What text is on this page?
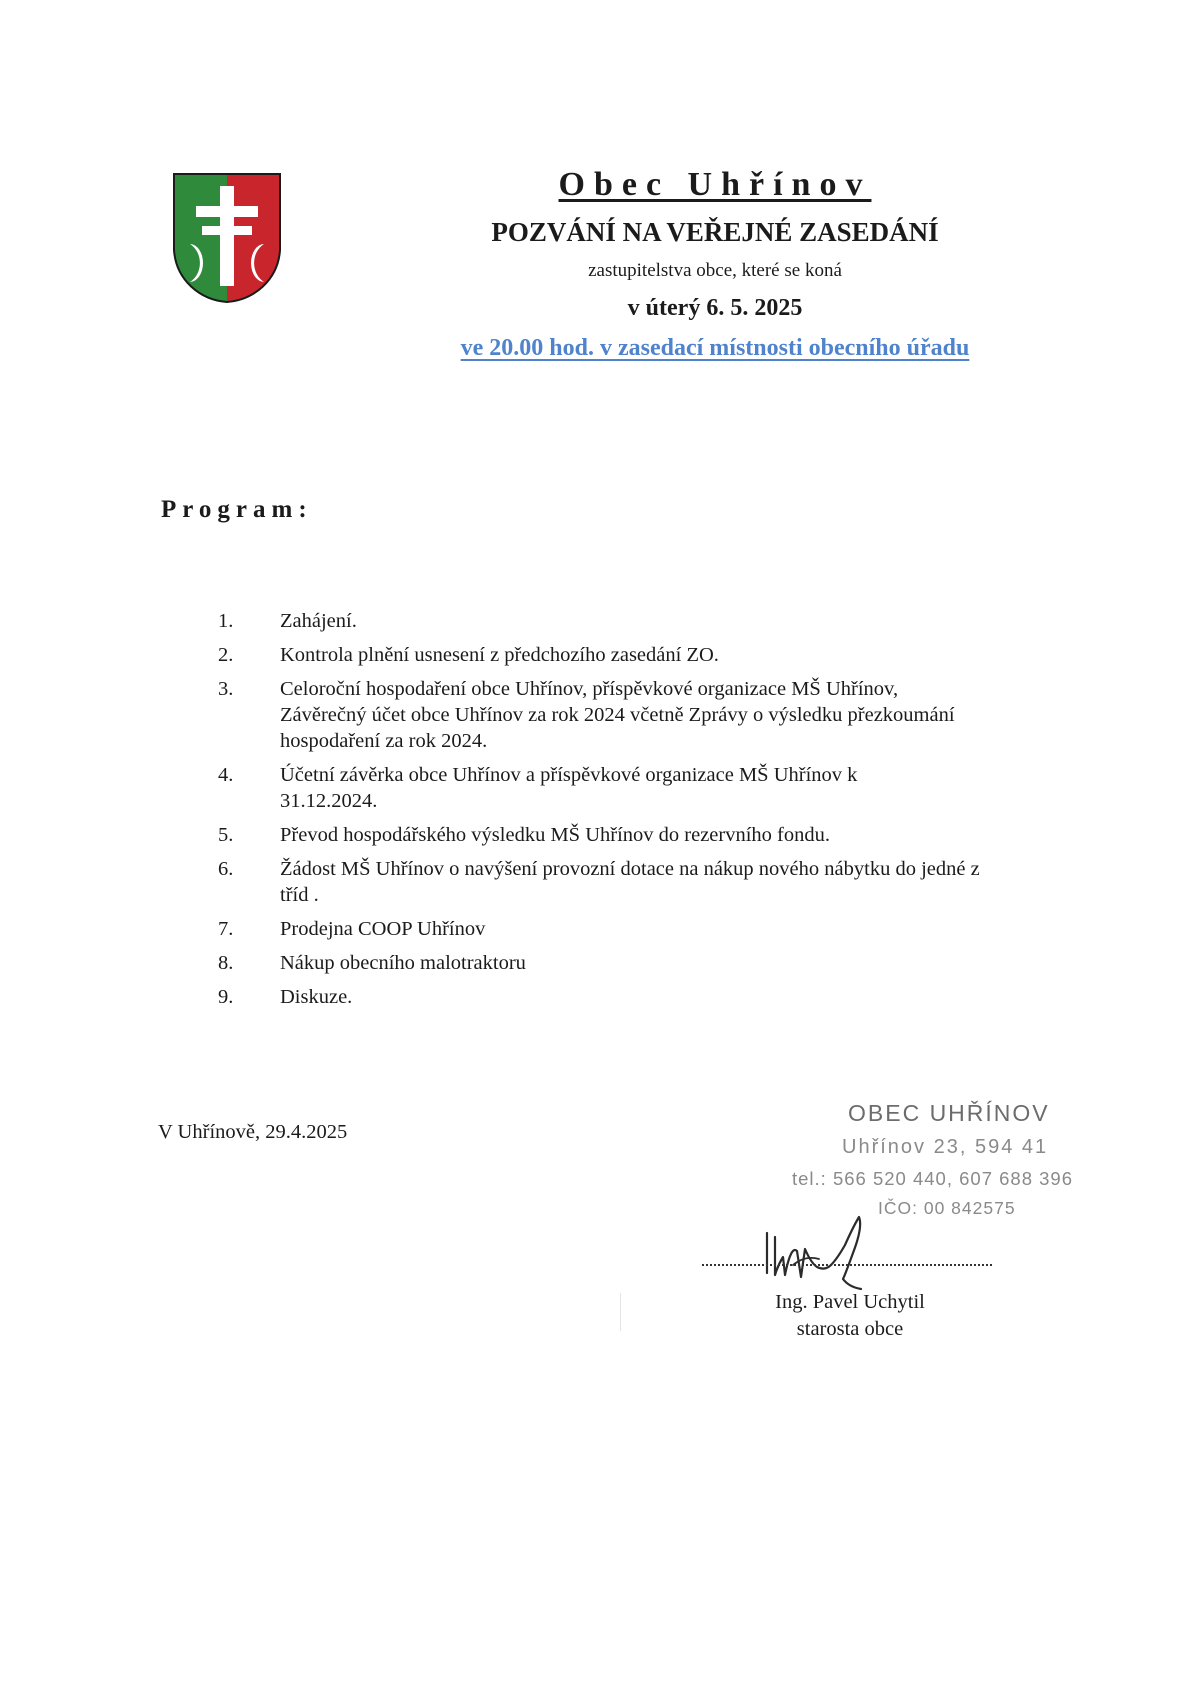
Obec Uhřínov
POZVÁNÍ NA VEŘEJNÉ ZASEDÁNÍ
zastupitelstva obce, které se koná
v úterý 6. 5. 2025
ve 20.00 hod. v zasedací místnosti obecního úřadu
Program:
1.	Zahájení.
2.	Kontrola plnění usnesení z předchozího zasedání ZO.
3.	Celoroční hospodaření obce Uhřínov, příspěvkové organizace MŠ Uhřínov, Závěrečný účet obce Uhřínov za rok 2024 včetně Zprávy o výsledku přezkoumání hospodaření za rok 2024.
4.	Účetní závěrka obce Uhřínov a příspěvkové organizace MŠ Uhřínov k 31.12.2024.
5.	Převod hospodářského výsledku MŠ Uhřínov do rezervního fondu.
6.	Žádost MŠ Uhřínov o navýšení provozní dotace na nákup nového nábytku do jedné z tříd .
7.	Prodejna COOP Uhřínov
8.	Nákup obecního malotraktoru
9.	Diskuze.
V Uhřínově, 29.4.2025
OBEC UHŘÍNOV
Uhřínov 23, 594 41
tel.: 566 520 440, 607 688 396
IČO: 00 842575
Ing. Pavel Uchytil
starosta obce
